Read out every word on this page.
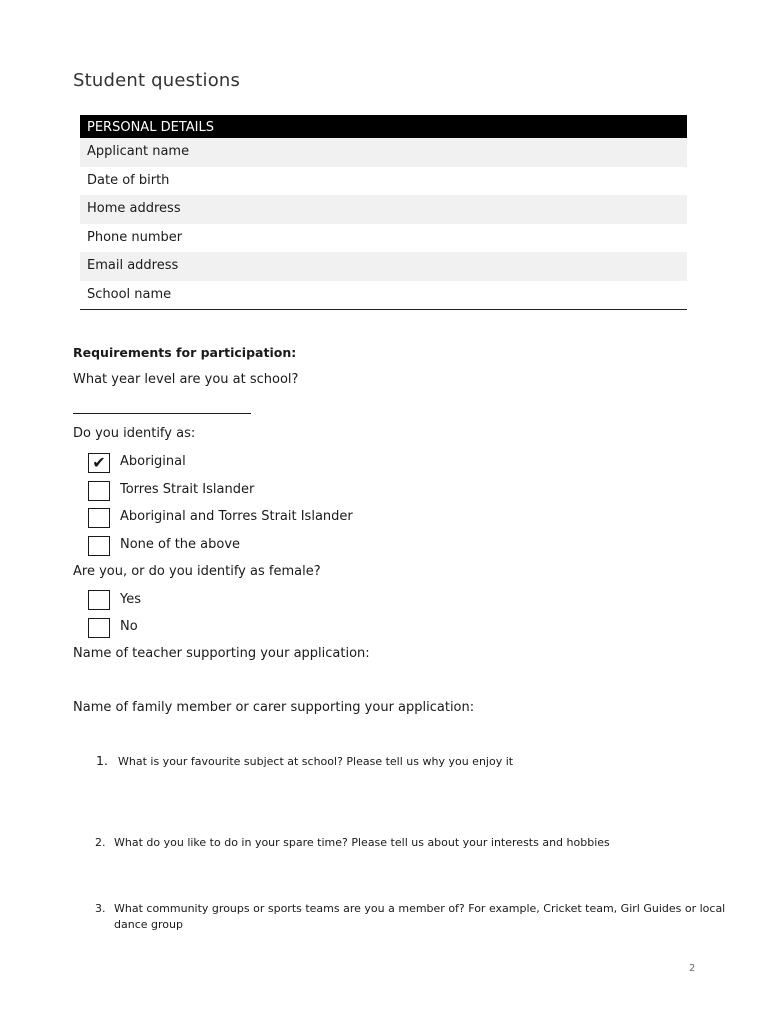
Student questions
PERSONAL DETAILS
Applicant name
Date of birth
Home address
Phone number
Email address
School name
Requirements for participation:
What year level are you at school?
Do you identify as:
✔	Aboriginal
Torres Strait Islander
Aboriginal and Torres Strait Islander
None of the above
Are you, or do you identify as female?
Yes
No
Name of teacher supporting your application:
Name of family member or carer supporting your application:
1. What is your favourite subject at school? Please tell us why you enjoy it
2. What do you like to do in your spare time? Please tell us about your interests and hobbies
3. What community groups or sports teams are you a member of? For example, Cricket team, Girl Guides or local
dance group
2
